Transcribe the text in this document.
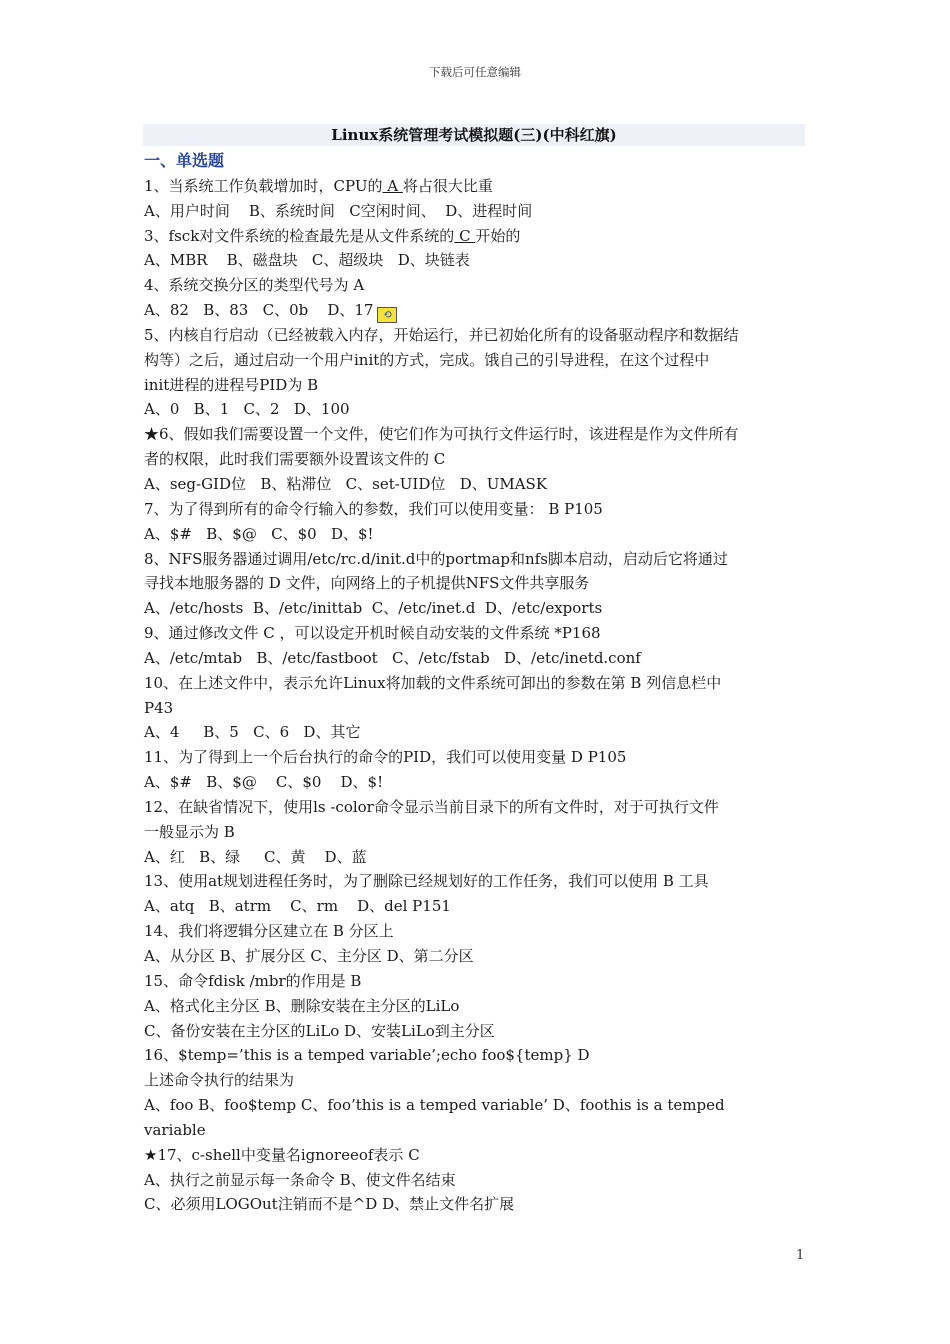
下载后可任意编辑
Linux系统管理考试模拟题(三)(中科红旗)
一、单选题
1、当系统工作负载增加时，CPU的 A 将占很大比重
A、用户时间    B、系统时间   C空闲时间、  D、进程时间
3、fsck对文件系统的检查最先是从文件系统的 C 开始的
A、MBR    B、磁盘块   C、超级块   D、块链表
4、系统交换分区的类型代号为 A
A、82   B、83   C、0b    D、17 ⟲
5、内核自行启动（已经被载入内存，开始运行，并已初始化所有的设备驱动程序和数据结
构等）之后，通过启动一个用户init的方式，完成。饿自己的引导进程，在这个过程中
init进程的进程号PID为 B
A、0   B、1   C、2   D、100
★6、假如我们需要设置一个文件，使它们作为可执行文件运行时，该进程是作为文件所有
者的权限，此时我们需要额外设置该文件的 C
A、seg-GID位   B、粘滞位   C、set-UID位   D、UMASK
7、为了得到所有的命令行输入的参数，我们可以使用变量： B P105
A、$#   B、$@   C、$0   D、$!
8、NFS服务器通过调用/etc/rc.d/init.d中的portmap和nfs脚本启动，启动后它将通过
寻找本地服务器的 D 文件，向网络上的子机提供NFS文件共享服务
A、/etc/hosts  B、/etc/inittab  C、/etc/inet.d  D、/etc/exports
9、通过修改文件 C ，可以设定开机时候自动安装的文件系统 *P168
A、/etc/mtab   B、/etc/fastboot   C、/etc/fstab   D、/etc/inetd.conf
10、在上述文件中，表示允许Linux将加载的文件系统可卸出的参数在第 B 列信息栏中
P43
A、4     B、5   C、6   D、其它
11、为了得到上一个后台执行的命令的PID，我们可以使用变量 D P105
A、$#   B、$@    C、$0    D、$!
12、在缺省情况下，使用ls -color命令显示当前目录下的所有文件时，对于可执行文件
一般显示为 B
A、红   B、绿     C、黄    D、蓝
13、使用at规划进程任务时，为了删除已经规划好的工作任务，我们可以使用 B 工具
A、atq   B、atrm    C、rm    D、del P151
14、我们将逻辑分区建立在 B 分区上
A、从分区 B、扩展分区 C、主分区 D、第二分区
15、命令fdisk /mbr的作用是 B
A、格式化主分区 B、删除安装在主分区的LiLo
C、备份安装在主分区的LiLo D、安装LiLo到主分区
16、$temp=’this is a temped variable’;echo foo${temp} D
上述命令执行的结果为
A、foo B、foo$temp C、foo’this is a temped variable’ D、foothis is a temped
variable
★17、c-shell中变量名ignoreeof表示 C
A、执行之前显示每一条命令 B、使文件名结束
C、必须用LOGOut注销而不是^D D、禁止文件名扩展
1
